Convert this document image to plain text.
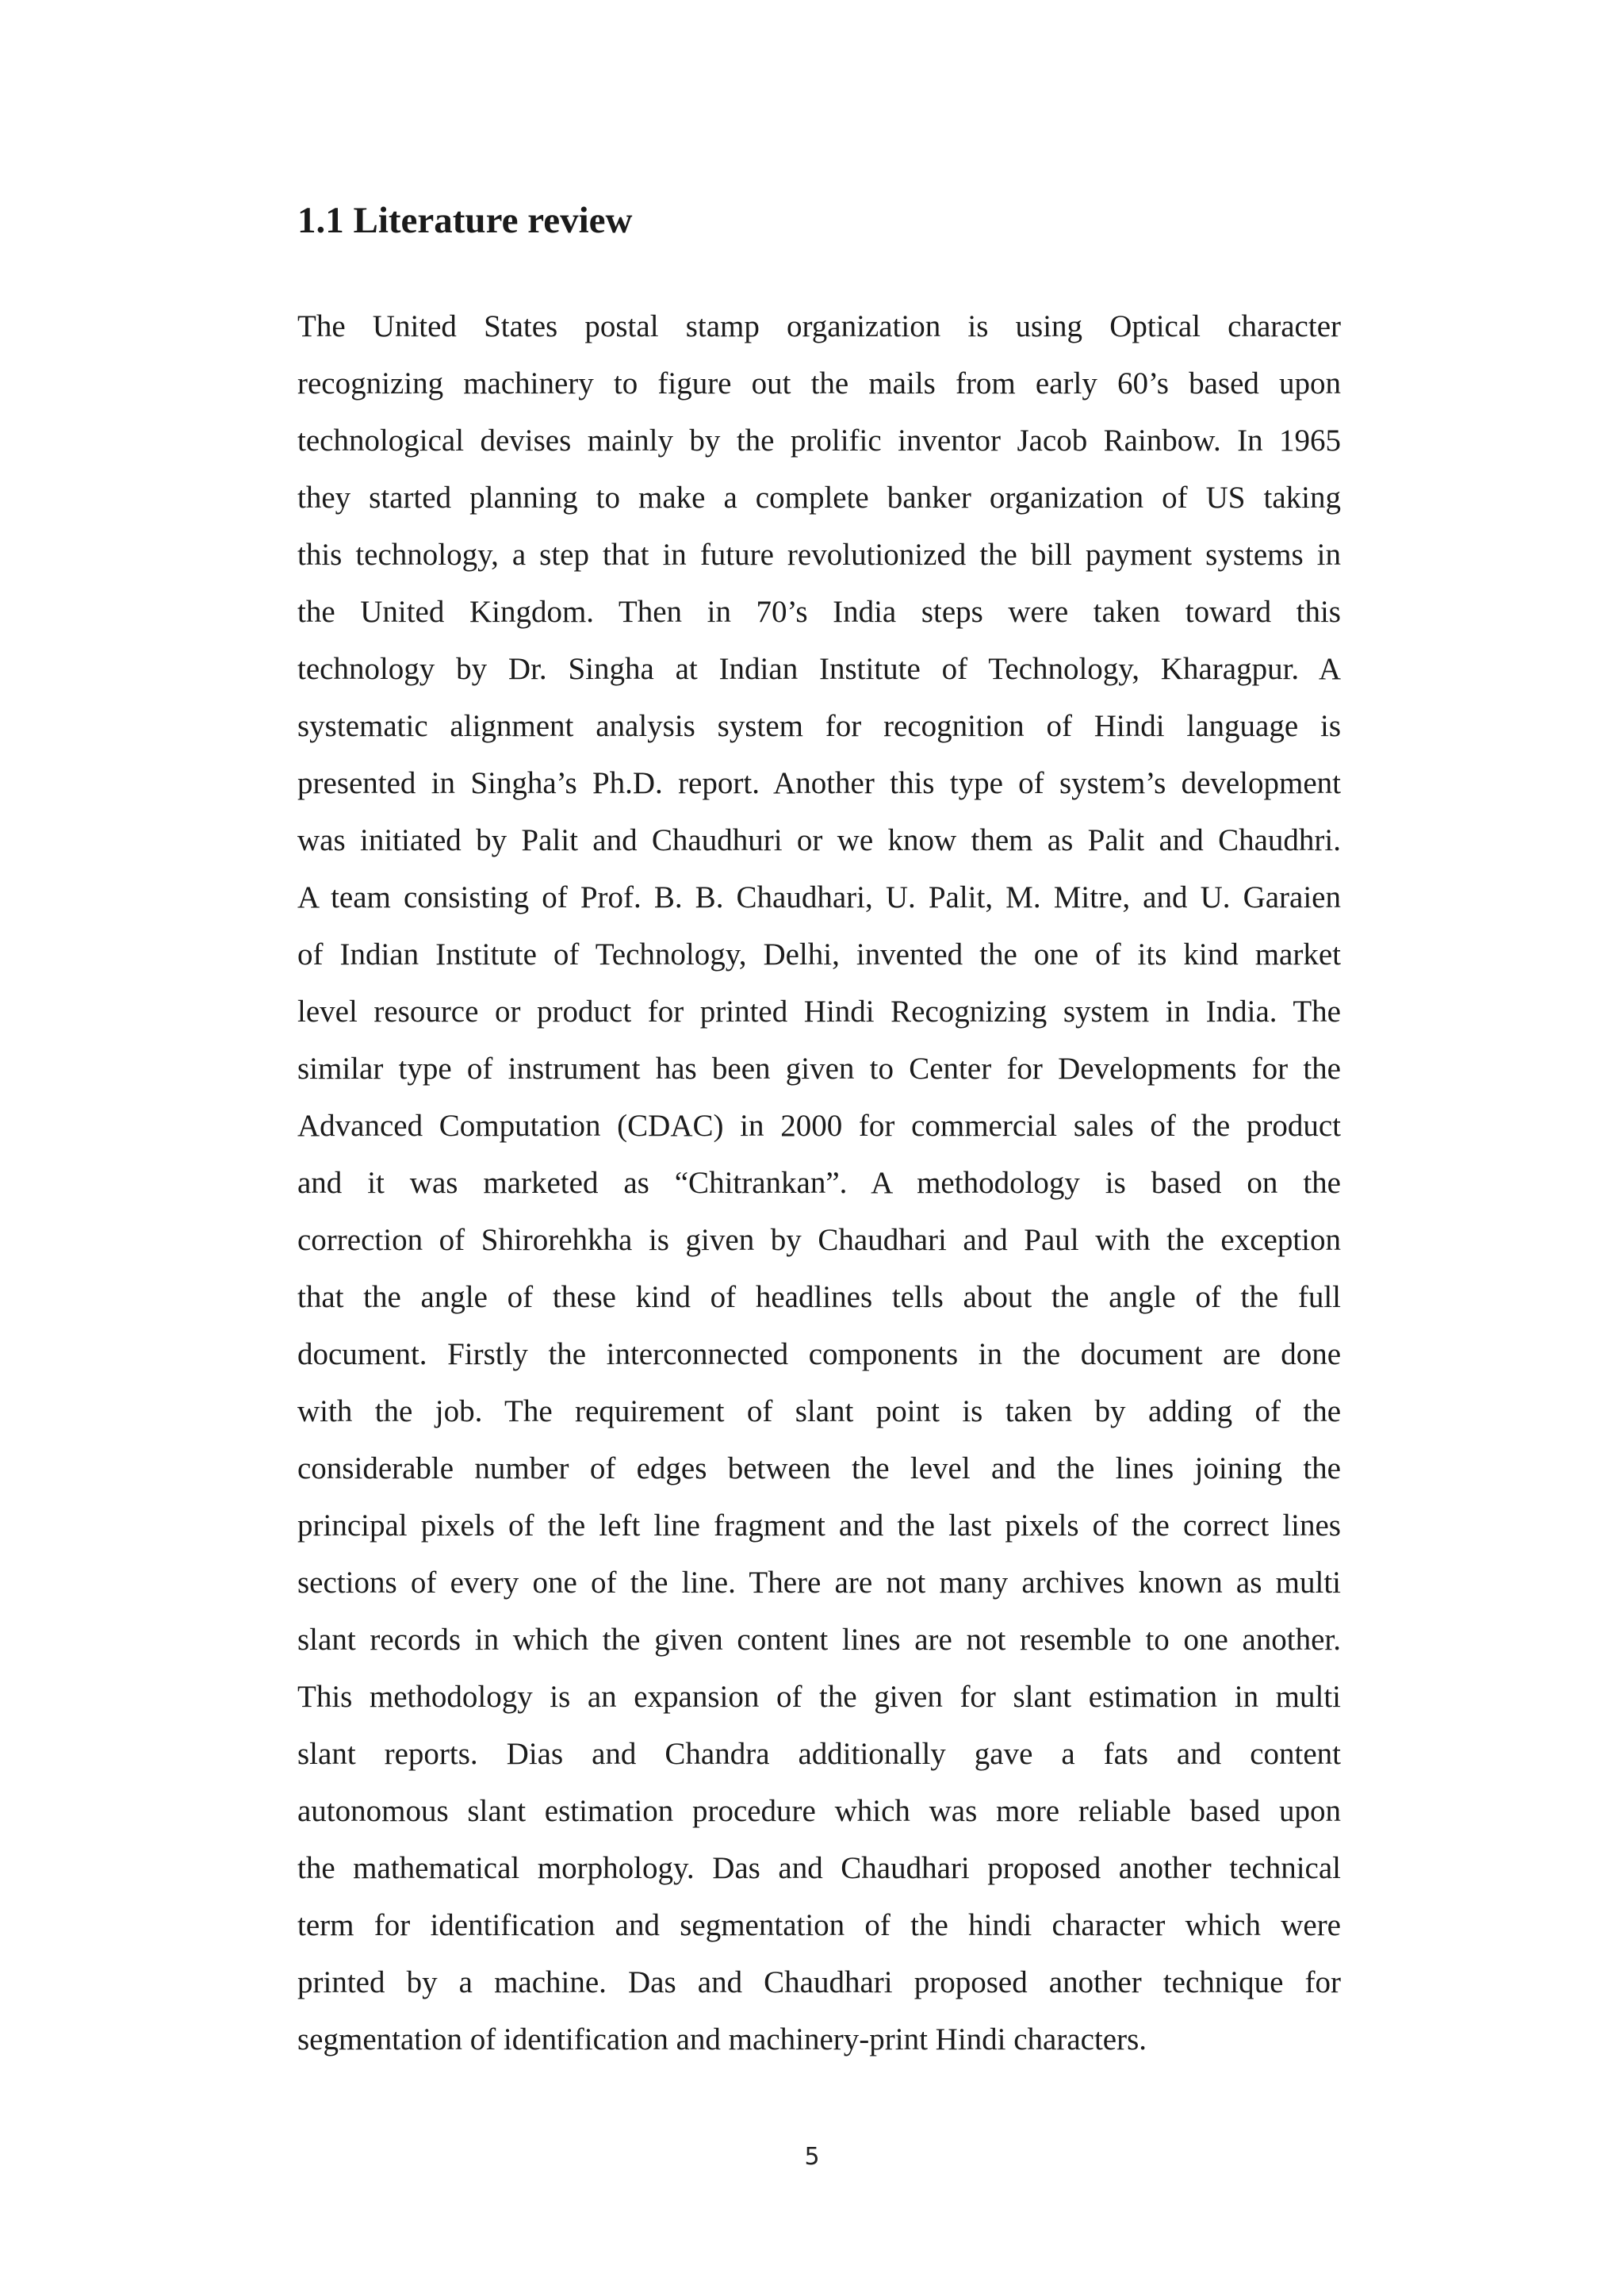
1.1 Literature review
The United States postal stamp organization is using Optical character
recognizing machinery to figure out the mails from early 60’s based upon
technological devises mainly by the prolific inventor Jacob Rainbow. In 1965
they started planning to make a complete banker organization of US taking
this technology, a step that in future revolutionized the bill payment systems in
the United Kingdom. Then in 70’s India steps were taken toward this
technology by Dr. Singha at Indian Institute of Technology, Kharagpur. A
systematic alignment analysis system for recognition of Hindi language is
presented in Singha’s Ph.D. report. Another this type of system’s development
was initiated by Palit and Chaudhuri or we know them as Palit and Chaudhri.
A team consisting of Prof. B. B. Chaudhari, U. Palit, M. Mitre, and U. Garaien
of Indian Institute of Technology, Delhi, invented the one of its kind market
level resource or product for printed Hindi Recognizing system in India. The
similar type of instrument has been given to Center for Developments for the
Advanced Computation (CDAC) in 2000 for commercial sales of the product
and it was marketed as “Chitrankan”. A methodology is based on the
correction of Shirorehkha is given by Chaudhari and Paul with the exception
that the angle of these kind of headlines tells about the angle of the full
document. Firstly the interconnected components in the document are done
with the job. The requirement of slant point is taken by adding of the
considerable number of edges between the level and the lines joining the
principal pixels of the left line fragment and the last pixels of the correct lines
sections of every one of the line. There are not many archives known as multi
slant records in which the given content lines are not resemble to one another.
This methodology is an expansion of the given for slant estimation in multi
slant reports. Dias and Chandra additionally gave a fats and content
autonomous slant estimation procedure which was more reliable based upon
the mathematical morphology. Das and Chaudhari proposed another technical
term for identification and segmentation of the hindi character which were
printed by a machine. Das and Chaudhari proposed another technique for
segmentation of identification and machinery-print Hindi characters.
5
